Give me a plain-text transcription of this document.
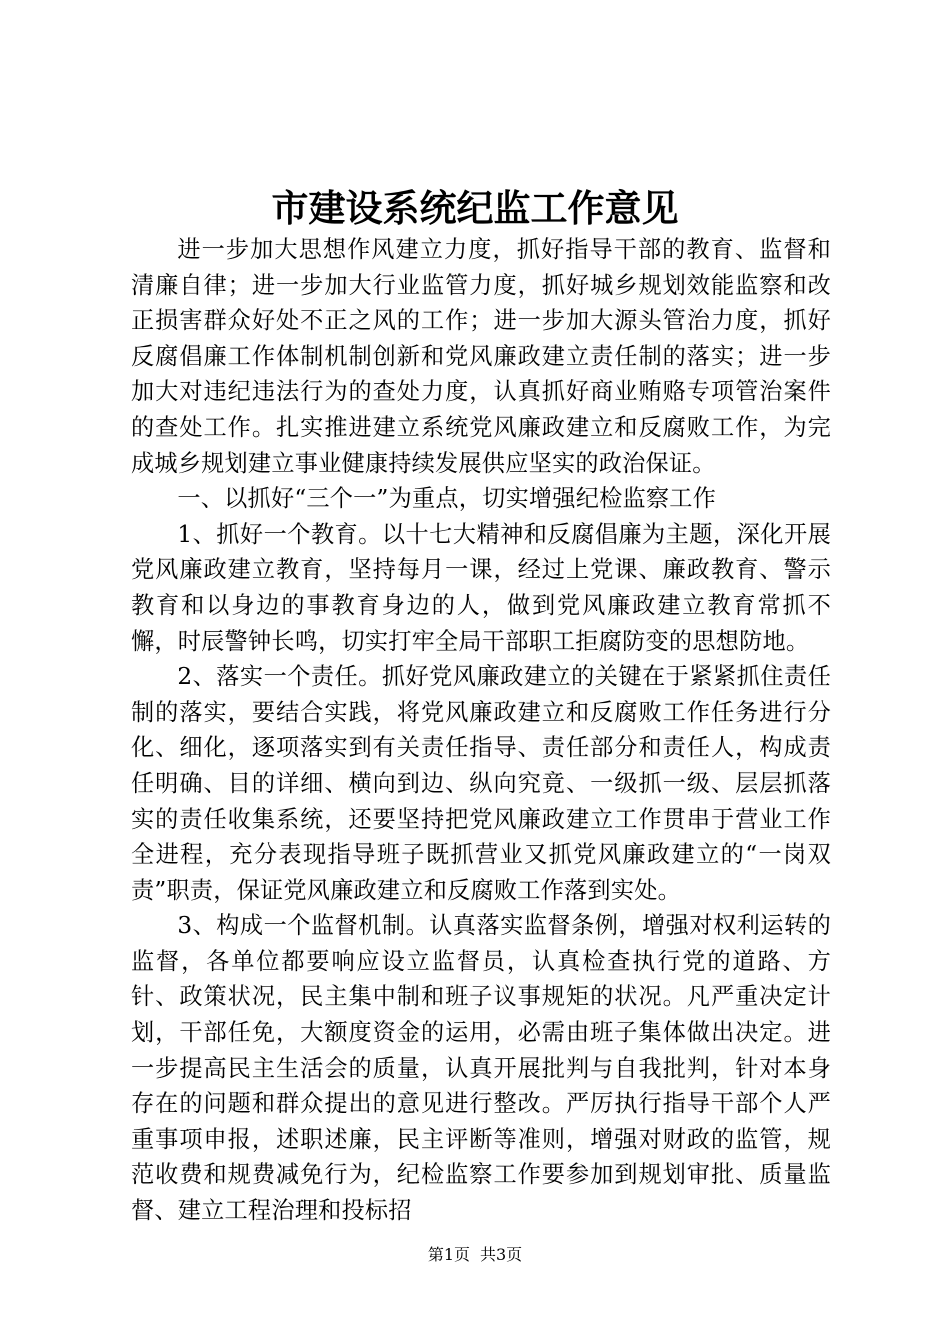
市建设系统纪监工作意见

进一步加大思想作风建立力度，抓好指导干部的教育、监督和清廉自律；进一步加大行业监管力度，抓好城乡规划效能监察和改正损害群众好处不正之风的工作；进一步加大源头管治力度，抓好反腐倡廉工作体制机制创新和党风廉政建立责任制的落实；进一步加大对违纪违法行为的查处力度，认真抓好商业贿赂专项管治案件的查处工作。扎实推进建立系统党风廉政建立和反腐败工作，为完成城乡规划建立事业健康持续发展供应坚实的政治保证。

一、以抓好“三个一”为重点，切实增强纪检监察工作

1、抓好一个教育。以十七大精神和反腐倡廉为主题，深化开展党风廉政建立教育，坚持每月一课，经过上党课、廉政教育、警示教育和以身边的事教育身边的人，做到党风廉政建立教育常抓不懈，时辰警钟长鸣，切实打牢全局干部职工拒腐防变的思想防地。

2、落实一个责任。抓好党风廉政建立的关键在于紧紧抓住责任制的落实，要结合实践，将党风廉政建立和反腐败工作任务进行分化、细化，逐项落实到有关责任指导、责任部分和责任人，构成责任明确、目的详细、横向到边、纵向究竟、一级抓一级、层层抓落实的责任收集系统，还要坚持把党风廉政建立工作贯串于营业工作全进程，充分表现指导班子既抓营业又抓党风廉政建立的“一岗双责”职责，保证党风廉政建立和反腐败工作落到实处。

3、构成一个监督机制。认真落实监督条例，增强对权利运转的监督，各单位都要响应设立监督员，认真检查执行党的道路、方针、政策状况，民主集中制和班子议事规矩的状况。凡严重决定计划，干部任免，大额度资金的运用，必需由班子集体做出决定。进一步提高民主生活会的质量，认真开展批判与自我批判，针对本身存在的问题和群众提出的意见进行整改。严厉执行指导干部个人严重事项申报，述职述廉，民主评断等准则，增强对财政的监管，规范收费和规费减免行为，纪检监察工作要参加到规划审批、质量监督、建立工程治理和投标招

第1页 共3页
